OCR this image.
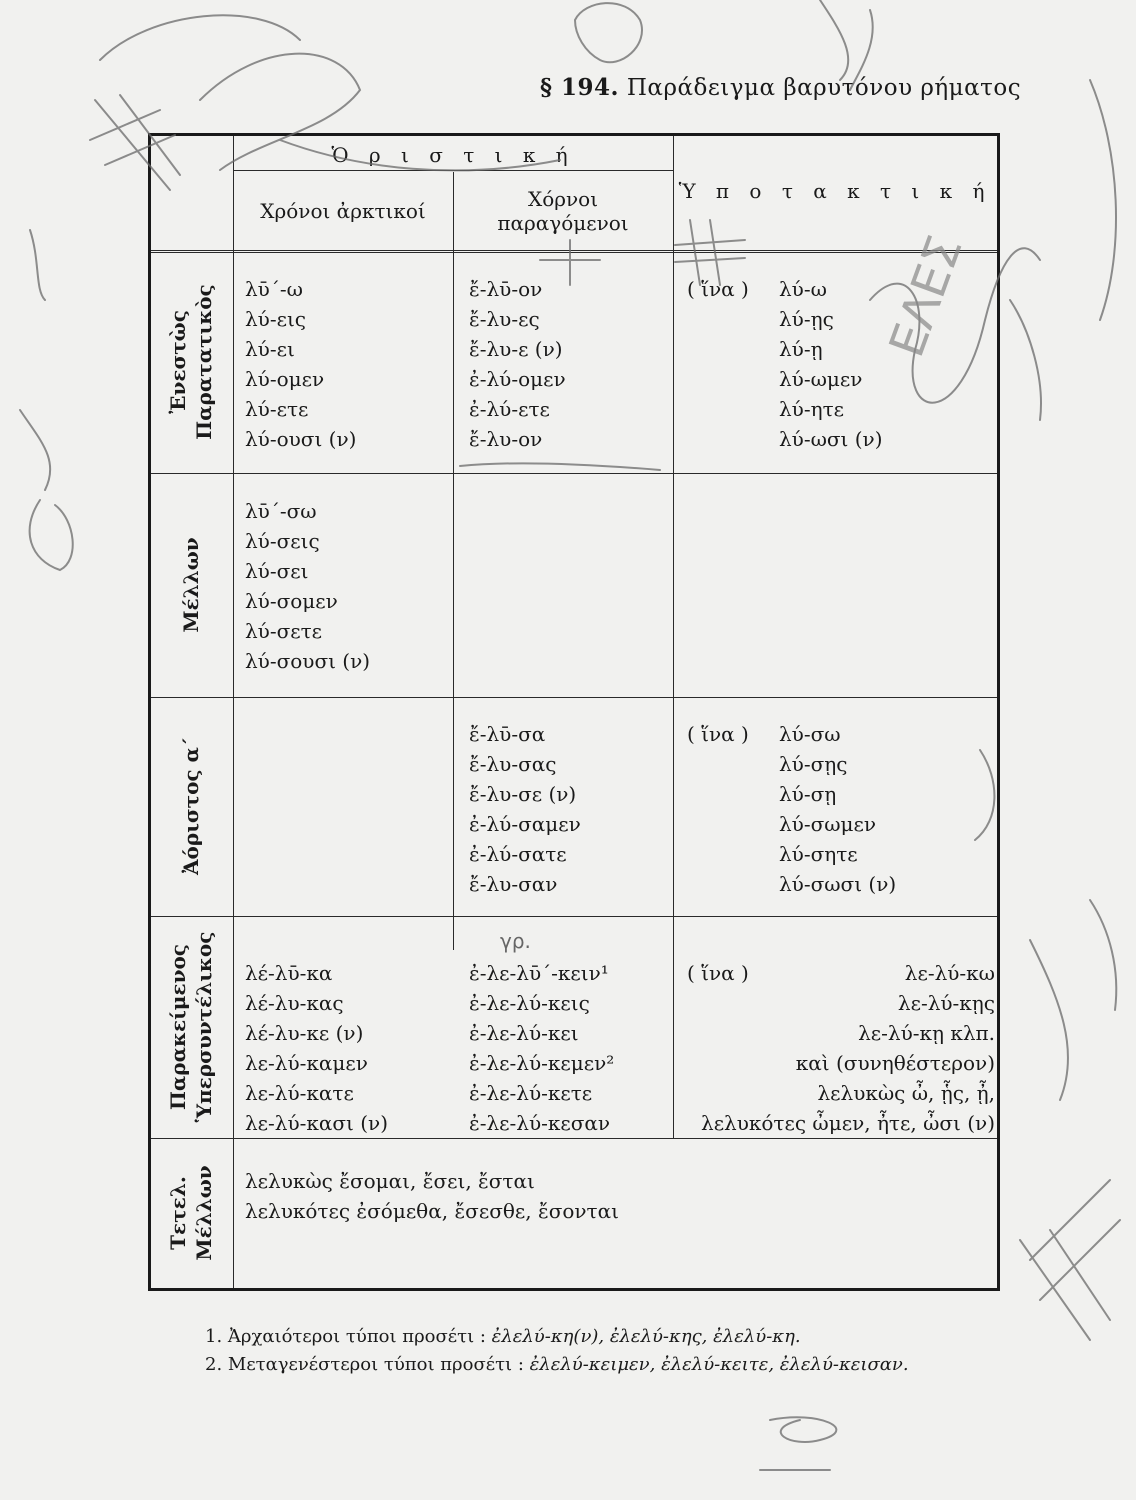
§ 194. Παράδειγμα βαρυτόνου ρήματος
Ὁ ρ ι σ τ ι κ ή
Χρόνοι ἀρκτικοί	Χόρνοι
παραγόμενοι
Ὑ π ο τ α κ τ ι κ ή
Ἐνεστὼς Παρατατικὸς
Μέλλων
Ἀόριστος α´
Παρακείμενος Ὑπερσυντέλικος
Τετελ. Μέλλων
λῡ´-ω
λύ-εις
λύ-ει
λύ-ομεν
λύ-ετε
λύ-ουσι (ν)
ἔ-λῡ-ον
ἔ-λυ-ες
ἔ-λυ-ε (ν)
ἐ-λύ-ομεν
ἐ-λύ-ετε
ἔ-λυ-ον
( ἵνα ) λύ-ω
λύ-ῃς
λύ-ῃ
λύ-ωμεν
λύ-ητε
λύ-ωσι (ν)
λῡ´-σω
λύ-σεις
λύ-σει
λύ-σομεν
λύ-σετε
λύ-σουσι (ν)
ἔ-λῡ-σα
ἔ-λυ-σας
ἔ-λυ-σε (ν)
ἐ-λύ-σαμεν
ἐ-λύ-σατε
ἔ-λυ-σαν
( ἵνα ) λύ-σω
λύ-σῃς
λύ-σῃ
λύ-σωμεν
λύ-σητε
λύ-σωσι (ν)
λέ-λῡ-κα
λέ-λυ-κας
λέ-λυ-κε (ν)
λε-λύ-καμεν
λε-λύ-κατε
λε-λύ-κασι (ν)
ἐ-λε-λῡ´-κειν¹
ἐ-λε-λύ-κεις
ἐ-λε-λύ-κει
ἐ-λε-λύ-κεμεν²
ἐ-λε-λύ-κετε
ἐ-λε-λύ-κεσαν
( ἵνα )	λε-λύ-κω
λε-λύ-κῃς
λε-λύ-κῃ κλπ.
καὶ (συνηθέστερον)
λελυκὼς ὦ, ᾗς, ᾖ,
λελυκότες ὦμεν, ἦτε, ὦσι (ν)
λελυκὼς ἔσομαι, ἔσει, ἔσται
λελυκότες ἐσόμεθα, ἔσεσθε, ἔσονται
1. Ἀρχαιότεροι τύποι προσέτι : ἐλελύ-κη(ν), ἐλελύ-κης, ἐλελύ-κη.
2. Μεταγενέστεροι τύποι προσέτι : ἐλελύ-κειμεν, ἐλελύ-κειτε, ἐλελύ-κεισαν.
γρ.
ΕΛΕΣ
